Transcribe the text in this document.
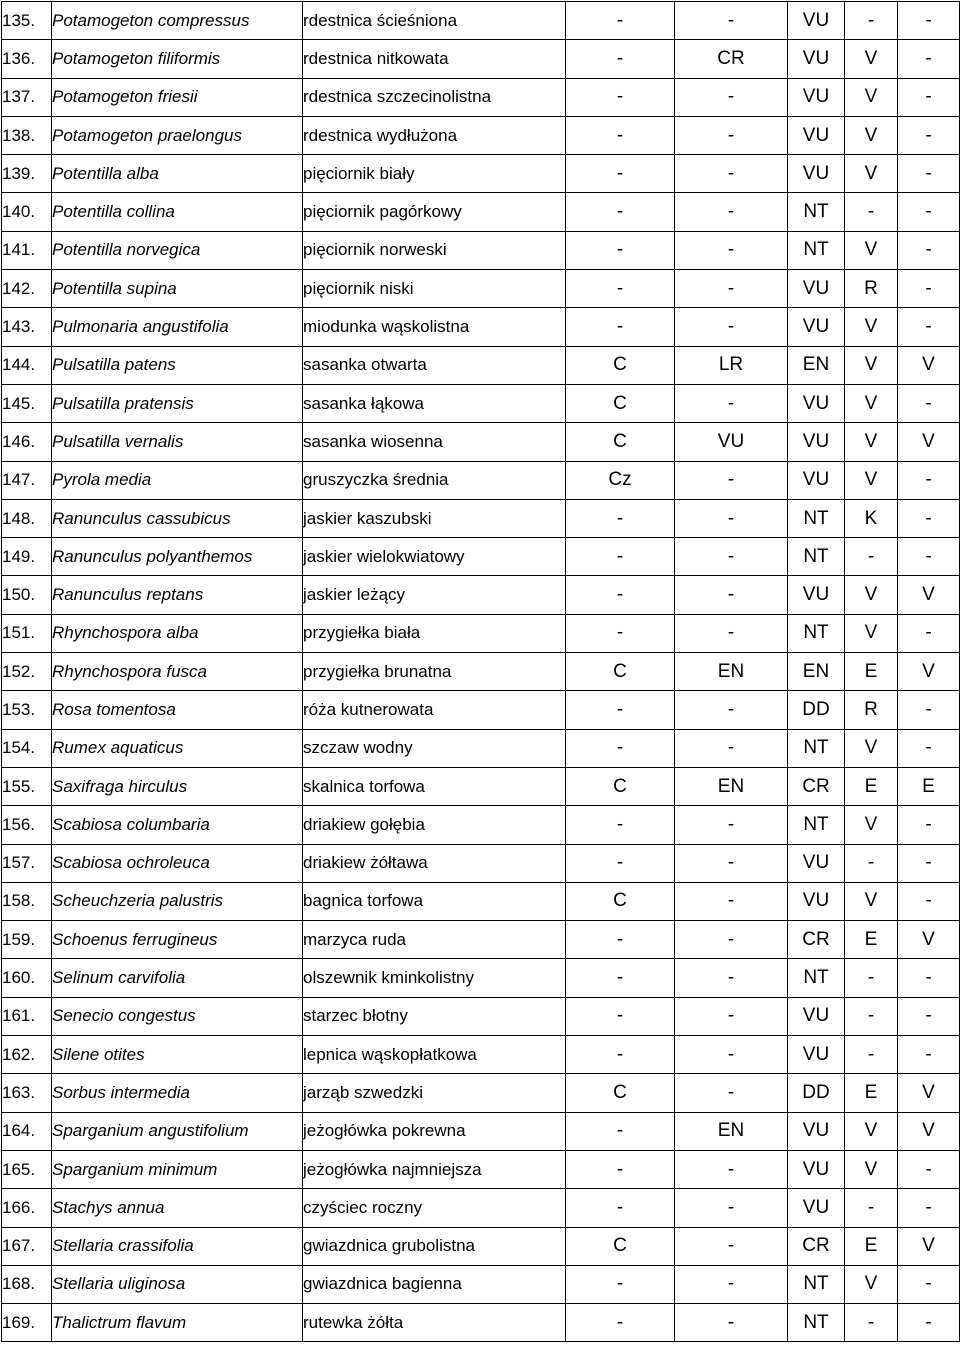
135.	Potamogeton compressus	rdestnica ścieśniona	-	-	VU	-	-
136.	Potamogeton filiformis	rdestnica nitkowata	-	CR	VU	V	-
137.	Potamogeton friesii	rdestnica szczecinolistna	-	-	VU	V	-
138.	Potamogeton praelongus	rdestnica wydłużona	-	-	VU	V	-
139.	Potentilla alba	pięciornik biały	-	-	VU	V	-
140.	Potentilla collina	pięciornik pagórkowy	-	-	NT	-	-
141.	Potentilla norvegica	pięciornik norweski	-	-	NT	V	-
142.	Potentilla supina	pięciornik niski	-	-	VU	R	-
143.	Pulmonaria angustifolia	miodunka wąskolistna	-	-	VU	V	-
144.	Pulsatilla patens	sasanka otwarta	C	LR	EN	V	V
145.	Pulsatilla pratensis	sasanka łąkowa	C	-	VU	V	-
146.	Pulsatilla vernalis	sasanka wiosenna	C	VU	VU	V	V
147.	Pyrola media	gruszyczka średnia	Cz	-	VU	V	-
148.	Ranunculus cassubicus	jaskier kaszubski	-	-	NT	K	-
149.	Ranunculus polyanthemos	jaskier wielokwiatowy	-	-	NT	-	-
150.	Ranunculus reptans	jaskier leżący	-	-	VU	V	V
151.	Rhynchospora alba	przygiełka biała	-	-	NT	V	-
152.	Rhynchospora fusca	przygiełka brunatna	C	EN	EN	E	V
153.	Rosa tomentosa	róża kutnerowata	-	-	DD	R	-
154.	Rumex aquaticus	szczaw wodny	-	-	NT	V	-
155.	Saxifraga hirculus	skalnica torfowa	C	EN	CR	E	E
156.	Scabiosa columbaria	driakiew gołębia	-	-	NT	V	-
157.	Scabiosa ochroleuca	driakiew żółtawa	-	-	VU	-	-
158.	Scheuchzeria palustris	bagnica torfowa	C	-	VU	V	-
159.	Schoenus ferrugineus	marzyca ruda	-	-	CR	E	V
160.	Selinum carvifolia	olszewnik kminkolistny	-	-	NT	-	-
161.	Senecio congestus	starzec błotny	-	-	VU	-	-
162.	Silene otites	lepnica wąskopłatkowa	-	-	VU	-	-
163.	Sorbus intermedia	jarząb szwedzki	C	-	DD	E	V
164.	Sparganium angustifolium	jeżogłówka pokrewna	-	EN	VU	V	V
165.	Sparganium minimum	jeżogłówka najmniejsza	-	-	VU	V	-
166.	Stachys annua	czyściec roczny	-	-	VU	-	-
167.	Stellaria crassifolia	gwiazdnica grubolistna	C	-	CR	E	V
168.	Stellaria uliginosa	gwiazdnica bagienna	-	-	NT	V	-
169.	Thalictrum flavum	rutewka żółta	-	-	NT	-	-
